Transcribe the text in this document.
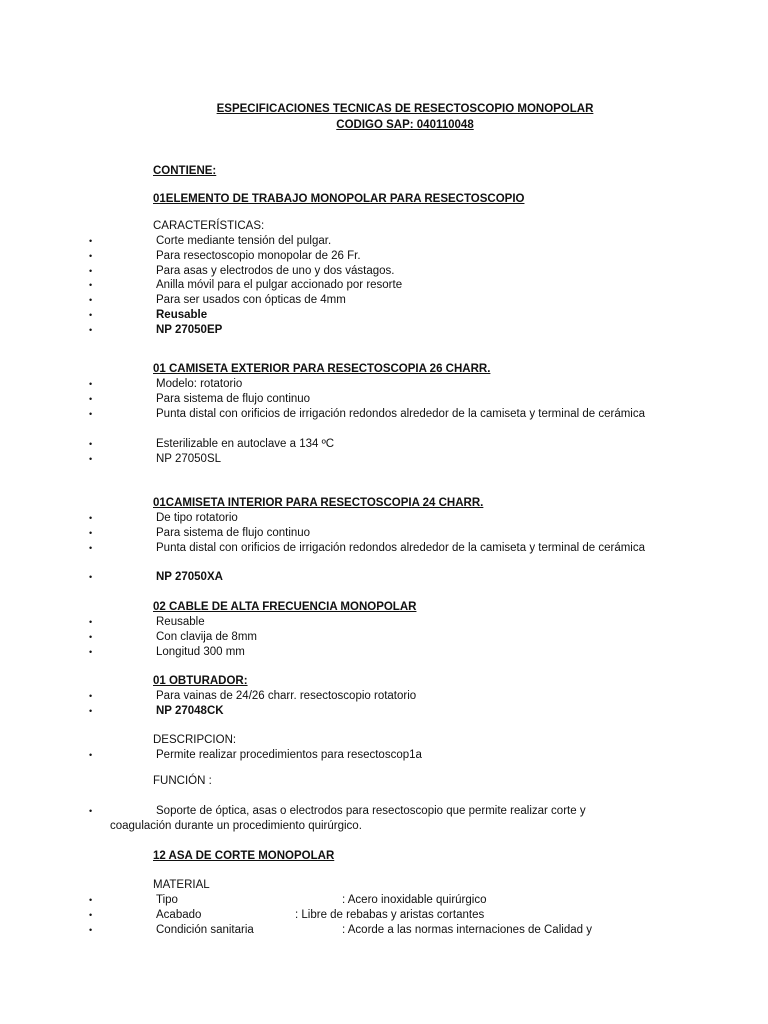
ESPECIFICACIONES TECNICAS DE RESECTOSCOPIO MONOPOLAR
CODIGO SAP: 040110048
CONTIENE:
01ELEMENTO DE TRABAJO MONOPOLAR PARA RESECTOSCOPIO
CARACTERÍSTICAS:
•	Corte mediante tensión del pulgar.
•	Para resectoscopio monopolar de 26 Fr.
•	Para asas y electrodos de uno y dos vástagos.
•	Anilla móvil para el pulgar accionado por resorte
•	Para ser usados con ópticas de 4mm
•	Reusable
•	NP 27050EP
01 CAMISETA EXTERIOR PARA RESECTOSCOPIA 26 CHARR.
•	Modelo: rotatorio
•	Para sistema de flujo continuo
•	Punta distal con orificios de irrigación redondos alrededor de la camiseta y terminal de cerámica
•	Esterilizable en autoclave a 134 ºC
•	NP 27050SL
01CAMISETA INTERIOR PARA RESECTOSCOPIA 24 CHARR.
•	De tipo rotatorio
•	Para sistema de flujo continuo
•	Punta distal con orificios de irrigación redondos alrededor de la camiseta y terminal de cerámica
•	NP 27050XA
02 CABLE DE ALTA FRECUENCIA MONOPOLAR
•	Reusable
•	Con clavija de 8mm
•	Longitud 300 mm
01 OBTURADOR:
•	Para vainas de 24/26 charr. resectoscopio rotatorio
•	NP 27048CK
DESCRIPCION:
•	Permite realizar procedimientos para resectoscop1a
FUNCIÓN :
•	Soporte de óptica, asas o electrodos para resectoscopio que permite realizar corte y coagulación durante un procedimiento quirúrgico.
12 ASA DE CORTE MONOPOLAR
MATERIAL
•	Tipo	: Acero inoxidable quirúrgico
•	Acabado	: Libre de rebabas y aristas cortantes
•	Condición sanitaria	: Acorde a las normas internaciones de Calidad y
